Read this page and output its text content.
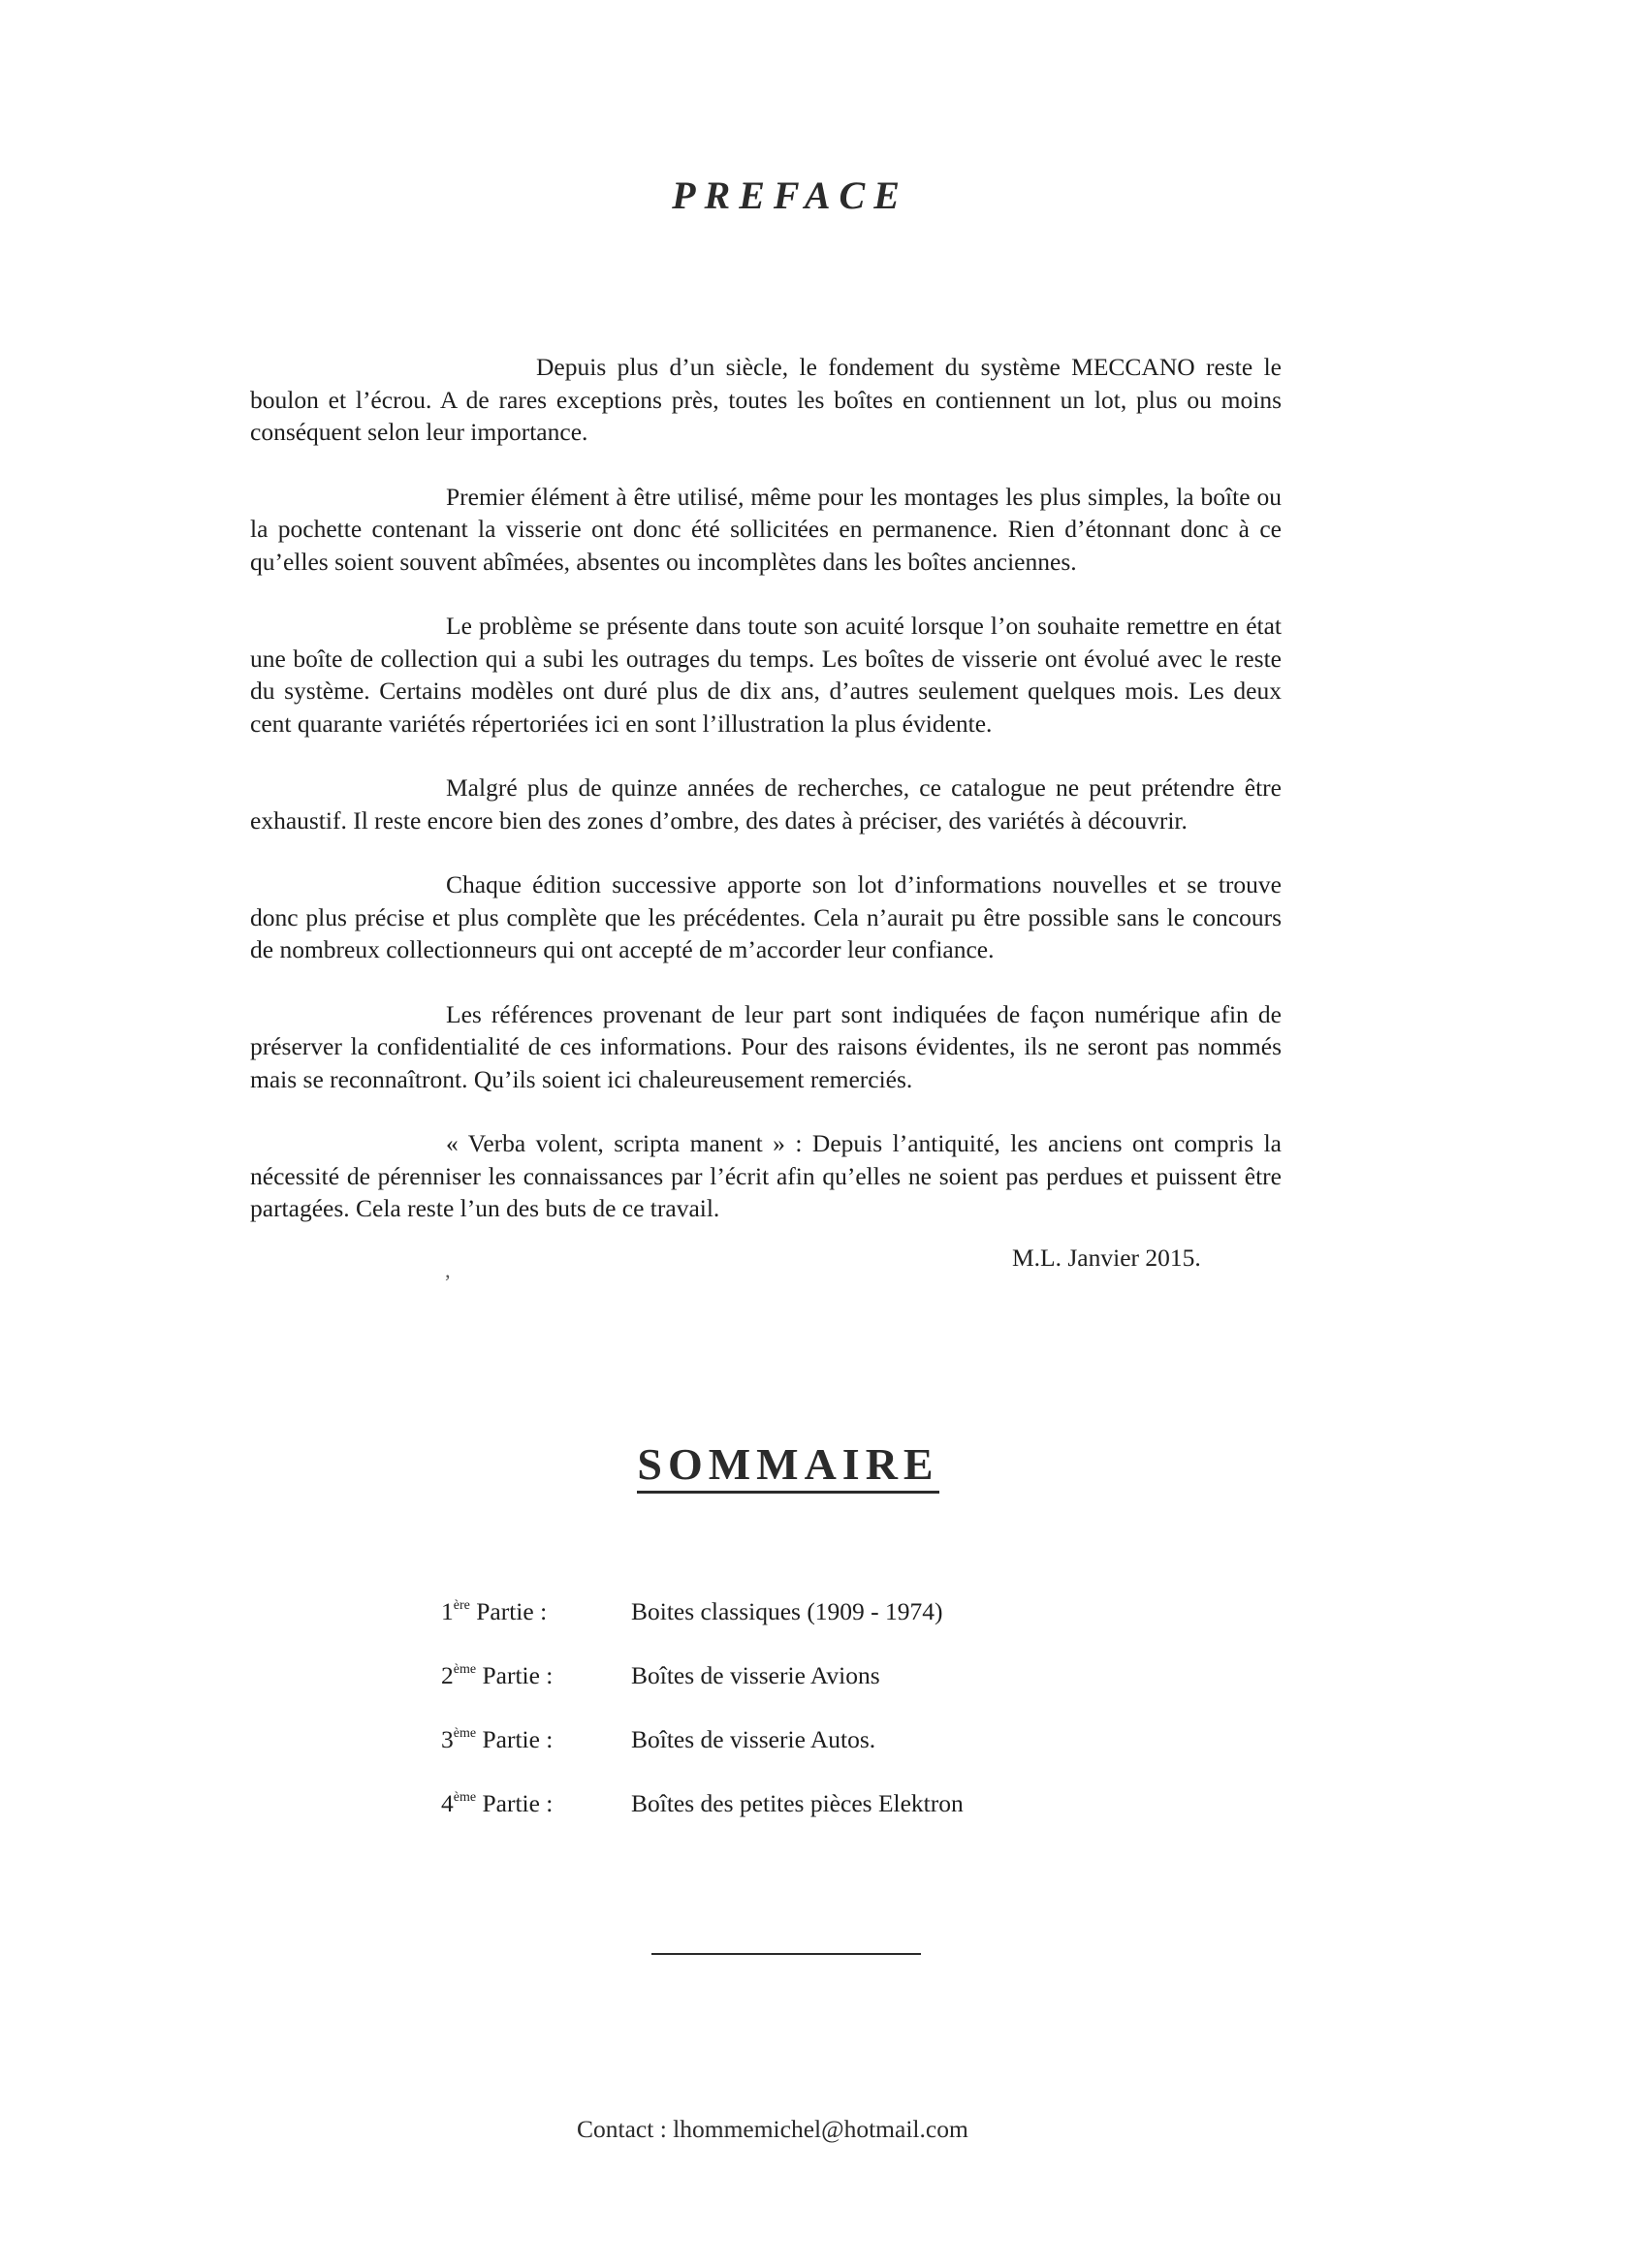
PREFACE

Depuis plus d’un siècle, le fondement du système MECCANO reste le boulon et l’écrou. A de rares exceptions près, toutes les boîtes en contiennent un lot, plus ou moins conséquent selon leur importance.

Premier élément à être utilisé, même pour les montages les plus simples, la boîte ou la pochette contenant la visserie ont donc été sollicitées en permanence. Rien d’étonnant donc à ce qu’elles soient souvent abîmées, absentes ou incomplètes dans les boîtes anciennes.

Le problème se présente dans toute son acuité lorsque l’on souhaite remettre en état une boîte de collection qui a subi les outrages du temps. Les boîtes de visserie ont évolué avec le reste du système. Certains modèles ont duré plus de dix ans, d’autres seulement quelques mois. Les deux cent quarante variétés répertoriées ici en sont l’illustration la plus évidente.

Malgré plus de quinze années de recherches, ce catalogue ne peut prétendre être exhaustif. Il reste encore bien des zones d’ombre, des dates à préciser, des variétés à découvrir.

Chaque édition successive apporte son lot d’informations nouvelles et se trouve donc plus précise et plus complète que les précédentes. Cela n’aurait pu être possible sans le concours de nombreux collectionneurs qui ont accepté de m’accorder leur confiance.

Les références provenant de leur part sont indiquées de façon numérique afin de préserver la confidentialité de ces informations. Pour des raisons évidentes, ils ne seront pas nommés mais se reconnaîtront. Qu’ils soient ici chaleureusement remerciés.

« Verba volent, scripta manent » : Depuis l’antiquité, les anciens ont compris la nécessité de pérenniser les connaissances par l’écrit afin qu’elles ne soient pas perdues et puissent être partagées. Cela reste l’un des buts de ce travail.

‚	M.L. Janvier 2015.
SOMMAIRE
1ère Partie :	Boites classiques (1909 - 1974)
2ème Partie :	Boîtes de visserie Avions
3ème Partie :	Boîtes de visserie Autos.
4ème Partie :	Boîtes des petites pièces Elektron
Contact : lhommemichel@hotmail.com
